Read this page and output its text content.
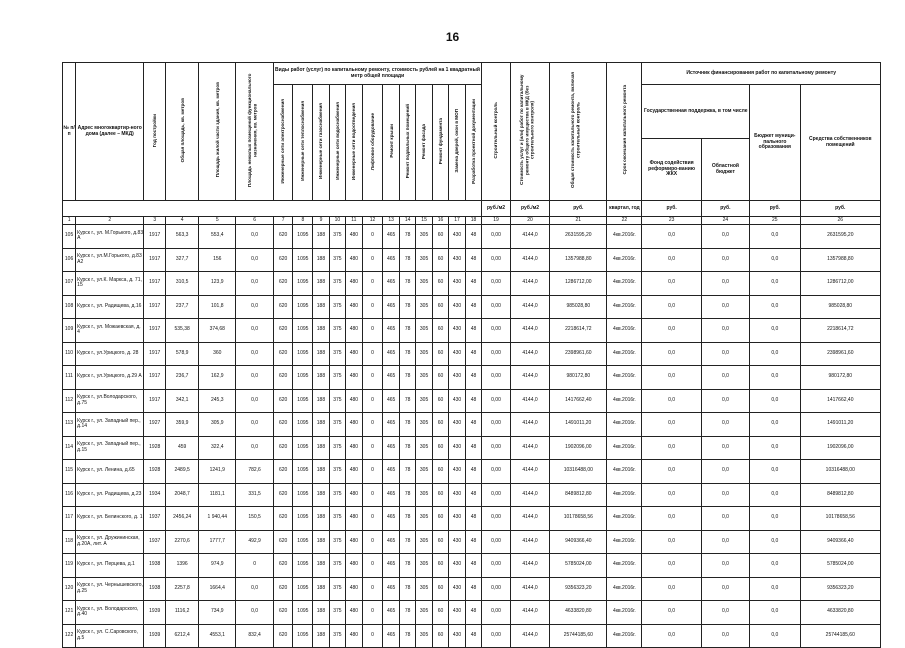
16
№ п/п	Адрес многоквартир-ного дома (далее – МКД)	Год постройки	Общая площадь, кв. метров	Площадь жилой части здания, кв. метров	Площадь нежилых помещений функционального назначения, кв. метров	Виды работ (услуг) по капитальному ремонту, стоимость рублей на 1 квадратный метр общей площади												Строительный контроль	Стоимость услуг и (или) работ по капитальному ремонту общего имущества в МКД (без строительного контроля)	Общая стоимость капитального ремонта, включая строительный контроль	Срок окончания капитального ремонта	Источник финансирования работ по капитальному ремонту			
						Инженерные сети электроснабжения	Инженерные сети теплоснабжения	Инженерные сети газоснабжения	Инженерные сети водоснабжения	Инженерные сети водоотведения	Лифтовое оборудование	Ремонт крыши	Ремонт подвальных помещений	Ремонт фасада	Ремонт фундамента	Замена дверей, окон в МОП	Разработка проектной документации					Государственная поддержка, в том числе		Бюджет муници-пального образования	Средства собственников помещений
																						Фонд содействия реформиро-ванию ЖКХ	Областной бюджет		
																		руб./м2	руб./м2	руб.	квартал, год	руб.	руб.	руб.	руб.
1	2	3	4	5	6	7	8	9	10	11	12	13	14	15	16	17	18	19	20	21	22	23	24	25	26
105	Курск г., ул. М.Горького, д.83 А	1917	563,3	553,4	0,0	620	1095	188	375	480	0	465	78	305	60	430	48	0,00	4144,0	2631595,20	4кв.2016г.	0,0	0,0	0,0	2631595,20
106	Курск г., ул.М.Горького, д.83 А2	1917	327,7	156	0,0	620	1095	188	375	480	0	465	78	305	60	430	48	0,00	4144,0	1357988,80	4кв.2016г.	0,0	0,0	0,0	1357988,80
107	Курск г., ул.К. Маркса, д. 71, 15	1917	310,5	123,9	0,0	620	1095	188	375	480	0	465	78	305	60	430	48	0,00	4144,0	1286712,00	4кв.2016г.	0,0	0,0	0,0	1286712,00
108	Курск г., ул. Радищева, д.16	1917	237,7	101,8	0,0	620	1095	188	375	480	0	465	78	305	60	430	48	0,00	4144,0	985028,80	4кв.2016г.	0,0	0,0	0,0	985028,80
109	Курск г., ул. Можаевская, д. 4	1917	535,38	374,68	0,0	620	1095	188	375	480	0	465	78	305	60	430	48	0,00	4144,0	2218614,72	4кв.2016г.	0,0	0,0	0,0	2218614,72
110	Курск г., ул.Урицкого, д. 28	1917	578,9	360	0,0	620	1095	188	375	480	0	465	78	305	60	430	48	0,00	4144,0	2398961,60	4кв.2016г.	0,0	0,0	0,0	2398961,60
111	Курск г., ул.Урицкого, д.29 А	1917	236,7	162,9	0,0	620	1095	188	375	480	0	465	78	305	60	430	48	0,00	4144,0	980172,80	4кв.2016г.	0,0	0,0	0,0	980172,80
112	Курск г., ул.Володарского, д.75	1917	342,1	245,3	0,0	620	1095	188	375	480	0	465	78	305	60	430	48	0,00	4144,0	1417662,40	4кв.2016г.	0,0	0,0	0,0	1417662,40
113	Курск г., ул. Западный пер., д.14	1927	359,9	305,9	0,0	620	1095	188	375	480	0	465	78	305	60	430	48	0,00	4144,0	1491011,20	4кв.2016г.	0,0	0,0	0,0	1491011,20
114	Курск г., ул. Западный пер., д.15	1928	459	322,4	0,0	620	1095	188	375	480	0	465	78	305	60	430	48	0,00	4144,0	1902096,00	4кв.2016г.	0,0	0,0	0,0	1902096,00
115	Курск г., ул. Ленина, д.65	1928	2489,5	1241,9	782,6	620	1095	188	375	480	0	465	78	305	60	430	48	0,00	4144,0	10316488,00	4кв.2016г.	0,0	0,0	0,0	10316488,00
116	Курск г., ул. Радищева, д.23	1934	2048,7	1181,1	331,5	620	1095	188	375	480	0	465	78	305	60	430	48	0,00	4144,0	8489812,80	4кв.2016г.	0,0	0,0	0,0	8489812,80
117	Курск г., ул. Белинского, д. 1	1937	2456,24	1 940,44	150,5	620	1095	188	375	480	0	465	78	305	60	430	48	0,00	4144,0	10178658,56	4кв.2016г.	0,0	0,0	0,0	10178658,56
118	Курск г., ул. Дружининская, д.20А, лит. А	1937	2270,6	1777,7	492,9	620	1095	188	375	480	0	465	78	305	60	430	48	0,00	4144,0	9409366,40	4кв.2016г.	0,0	0,0	0,0	9409366,40
119	Курск г., ул. Перцева, д.1	1938	1396	974,9	0	620	1095	188	375	480	0	465	78	305	60	430	48	0,00	4144,0	5785024,00	4кв.2016г.	0,0	0,0	0,0	5785024,00
120	Курск г., ул. Чернышевского, д.25	1938	2257,8	1664,4	0,0	620	1095	188	375	480	0	465	78	305	60	430	48	0,00	4144,0	9356323,20	4кв.2016г.	0,0	0,0	0,0	9356323,20
121	Курск г., ул. Володарского, д.40	1939	1116,2	734,9	0,0	620	1095	188	375	480	0	465	78	305	60	430	48	0,00	4144,0	4633820,80	4кв.2016г.	0,0	0,0	0,0	4633820,80
122	Курск г., ул. С.Саровского, д.5	1939	6212,4	4553,1	832,4	620	1095	188	375	480	0	465	78	305	60	430	48	0,00	4144,0	25744185,60	4кв.2016г.	0,0	0,0	0,0	25744185,60
